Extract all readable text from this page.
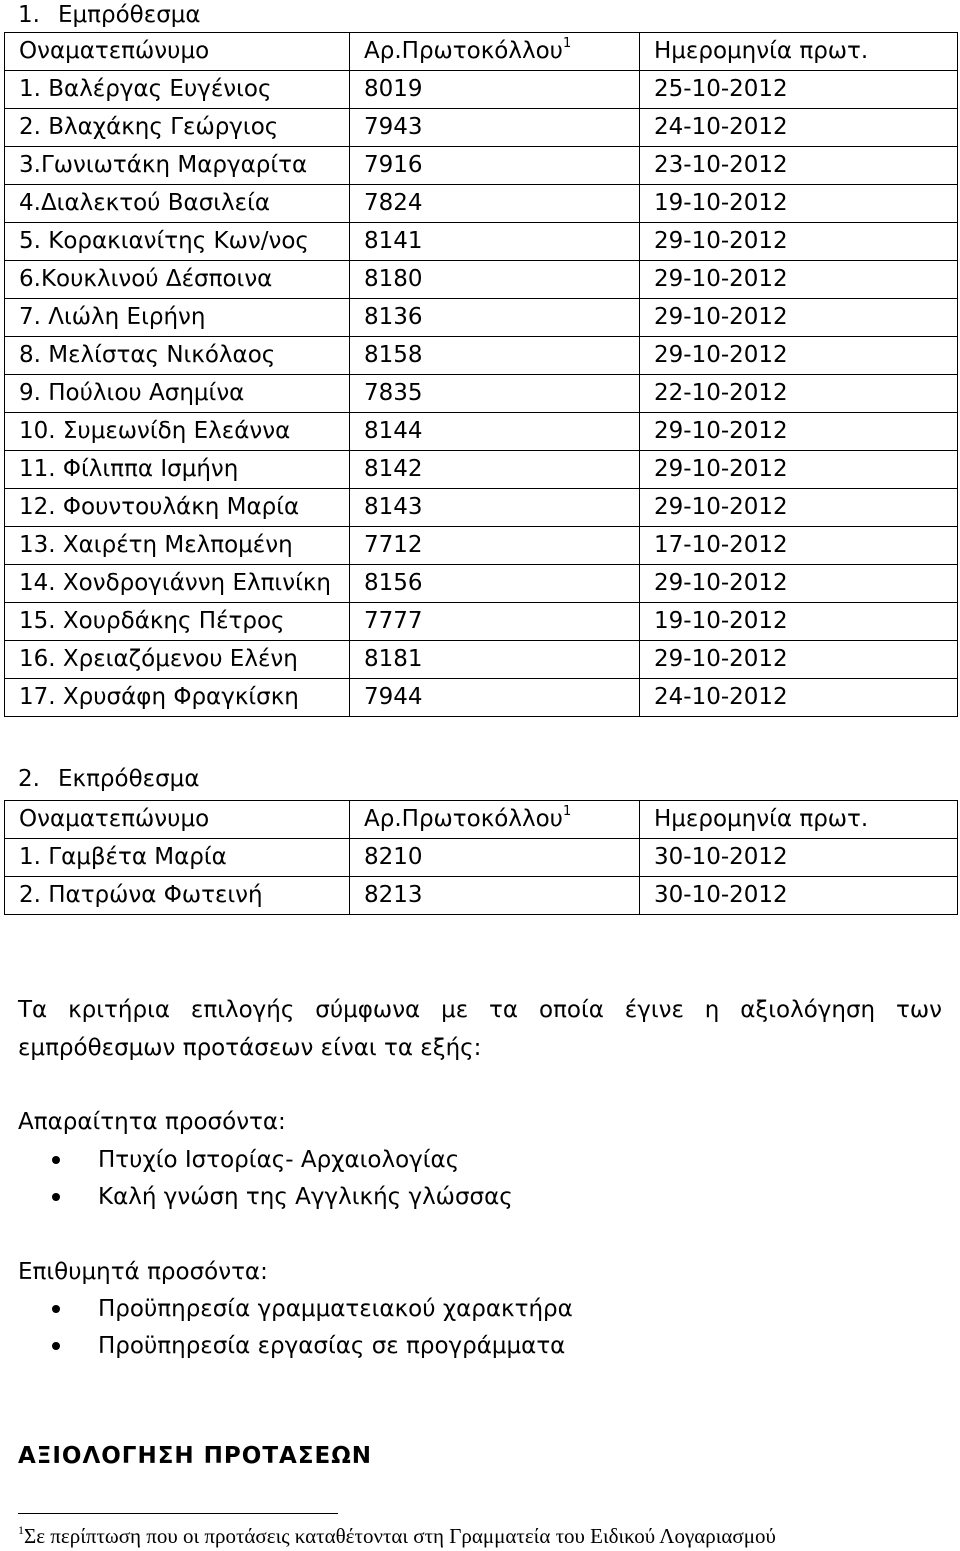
1. Εμπρόθεσμα
Οναματεπώνυμο	Αρ.Πρωτοκόλλου$^1$	Ημερομηνία πρωτ.
1. Βαλέργας Ευγένιος	8019	25-10-2012
2. Βλαχάκης Γεώργιος	7943	24-10-2012
3.Γωνιωτάκη Μαργαρίτα	7916	23-10-2012
4.Διαλεκτού Βασιλεία	7824	19-10-2012
5. Κορακιανίτης Κων/νος	8141	29-10-2012
6.Κουκλινού Δέσποινα	8180	29-10-2012
7. Λιώλη Ειρήνη	8136	29-10-2012
8. Μελίστας Νικόλαος	8158	29-10-2012
9. Πούλιου Ασημίνα	7835	22-10-2012
10. Συμεωνίδη Ελεάννα	8144	29-10-2012
11. Φίλιππα Ισμήνη	8142	29-10-2012
12. Φουντουλάκη Μαρία	8143	29-10-2012
13. Χαιρέτη Μελπομένη	7712	17-10-2012
14. Χονδρογιάννη Ελπινίκη	8156	29-10-2012
15. Χουρδάκης Πέτρος	7777	19-10-2012
16. Χρειαζόμενου Ελένη	8181	29-10-2012
17. Χρυσάφη Φραγκίσκη	7944	24-10-2012
2. Εκπρόθεσμα
Οναματεπώνυμο	Αρ.Πρωτοκόλλου$^1$	Ημερομηνία πρωτ.
1. Γαμβέτα Μαρία	8210	30-10-2012
2. Πατρώνα Φωτεινή	8213	30-10-2012
Τα κριτήρια επιλογής σύμφωνα με τα οποία έγινε η αξιολόγηση των εμπρόθεσμων προτάσεων είναι τα εξής:
Απαραίτητα προσόντα:
Πτυχίο Ιστορίας- Αρχαιολογίας
Καλή γνώση της Αγγλικής γλώσσας
Επιθυμητά προσόντα:
Προϋπηρεσία γραμματειακού χαρακτήρα
Προϋπηρεσία εργασίας σε προγράμματα
ΑΞΙΟΛΟΓΗΣΗ ΠΡΟΤΑΣΕΩΝ
$^1$Σε περίπτωση που οι προτάσεις καταθέτονται στη Γραμματεία του Ειδικού Λογαριασμού
